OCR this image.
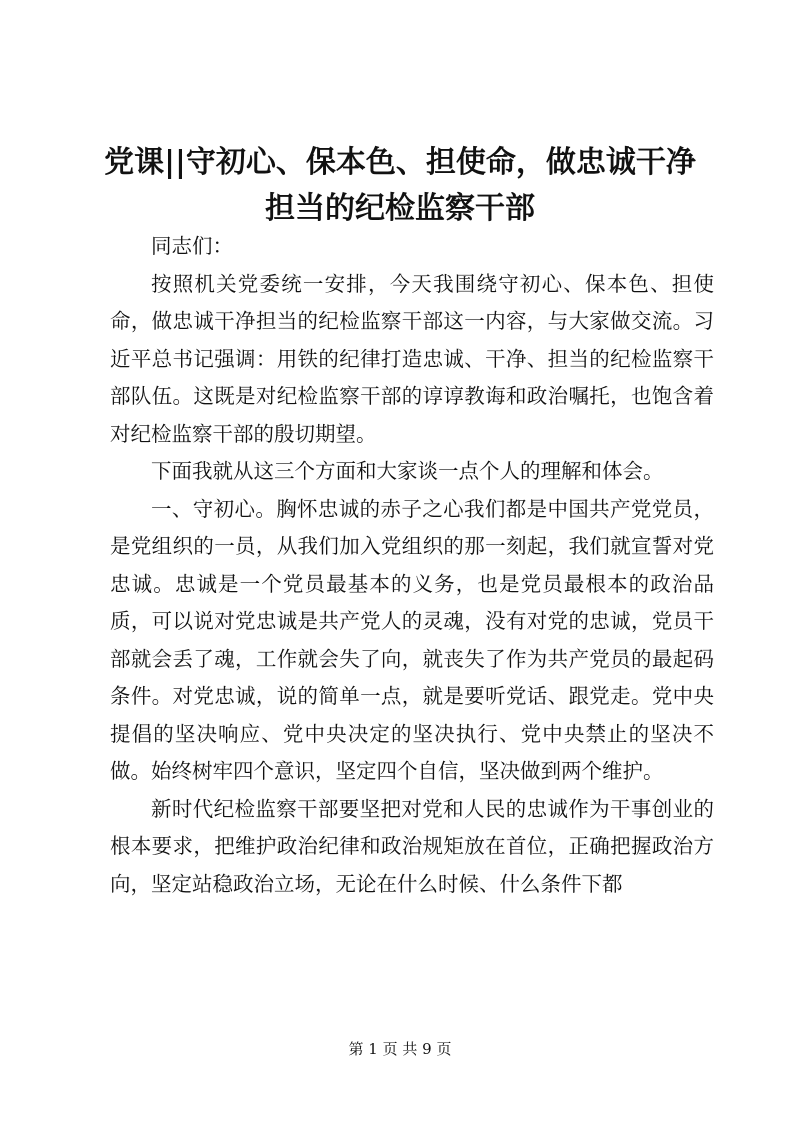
党课||守初心、保本色、担使命，做忠诚干净
担当的纪检监察干部

同志们：

按照机关党委统一安排，今天我围绕守初心、保本色、担使命，做忠诚干净担当的纪检监察干部这一内容，与大家做交流。习近平总书记强调：用铁的纪律打造忠诚、干净、担当的纪检监察干部队伍。这既是对纪检监察干部的谆谆教诲和政治嘱托，也饱含着对纪检监察干部的殷切期望。

下面我就从这三个方面和大家谈一点个人的理解和体会。

一、守初心。胸怀忠诚的赤子之心我们都是中国共产党党员，是党组织的一员，从我们加入党组织的那一刻起，我们就宣誓对党忠诚。忠诚是一个党员最基本的义务，也是党员最根本的政治品质，可以说对党忠诚是共产党人的灵魂，没有对党的忠诚，党员干部就会丢了魂，工作就会失了向，就丧失了作为共产党员的最起码条件。对党忠诚，说的简单一点，就是要听党话、跟党走。党中央提倡的坚决响应、党中央决定的坚决执行、党中央禁止的坚决不做。始终树牢四个意识，坚定四个自信，坚决做到两个维护。

新时代纪检监察干部要坚把对党和人民的忠诚作为干事创业的根本要求，把维护政治纪律和政治规矩放在首位，正确把握政治方向，坚定站稳政治立场，无论在什么时候、什么条件下都

第 1 页 共 9 页
